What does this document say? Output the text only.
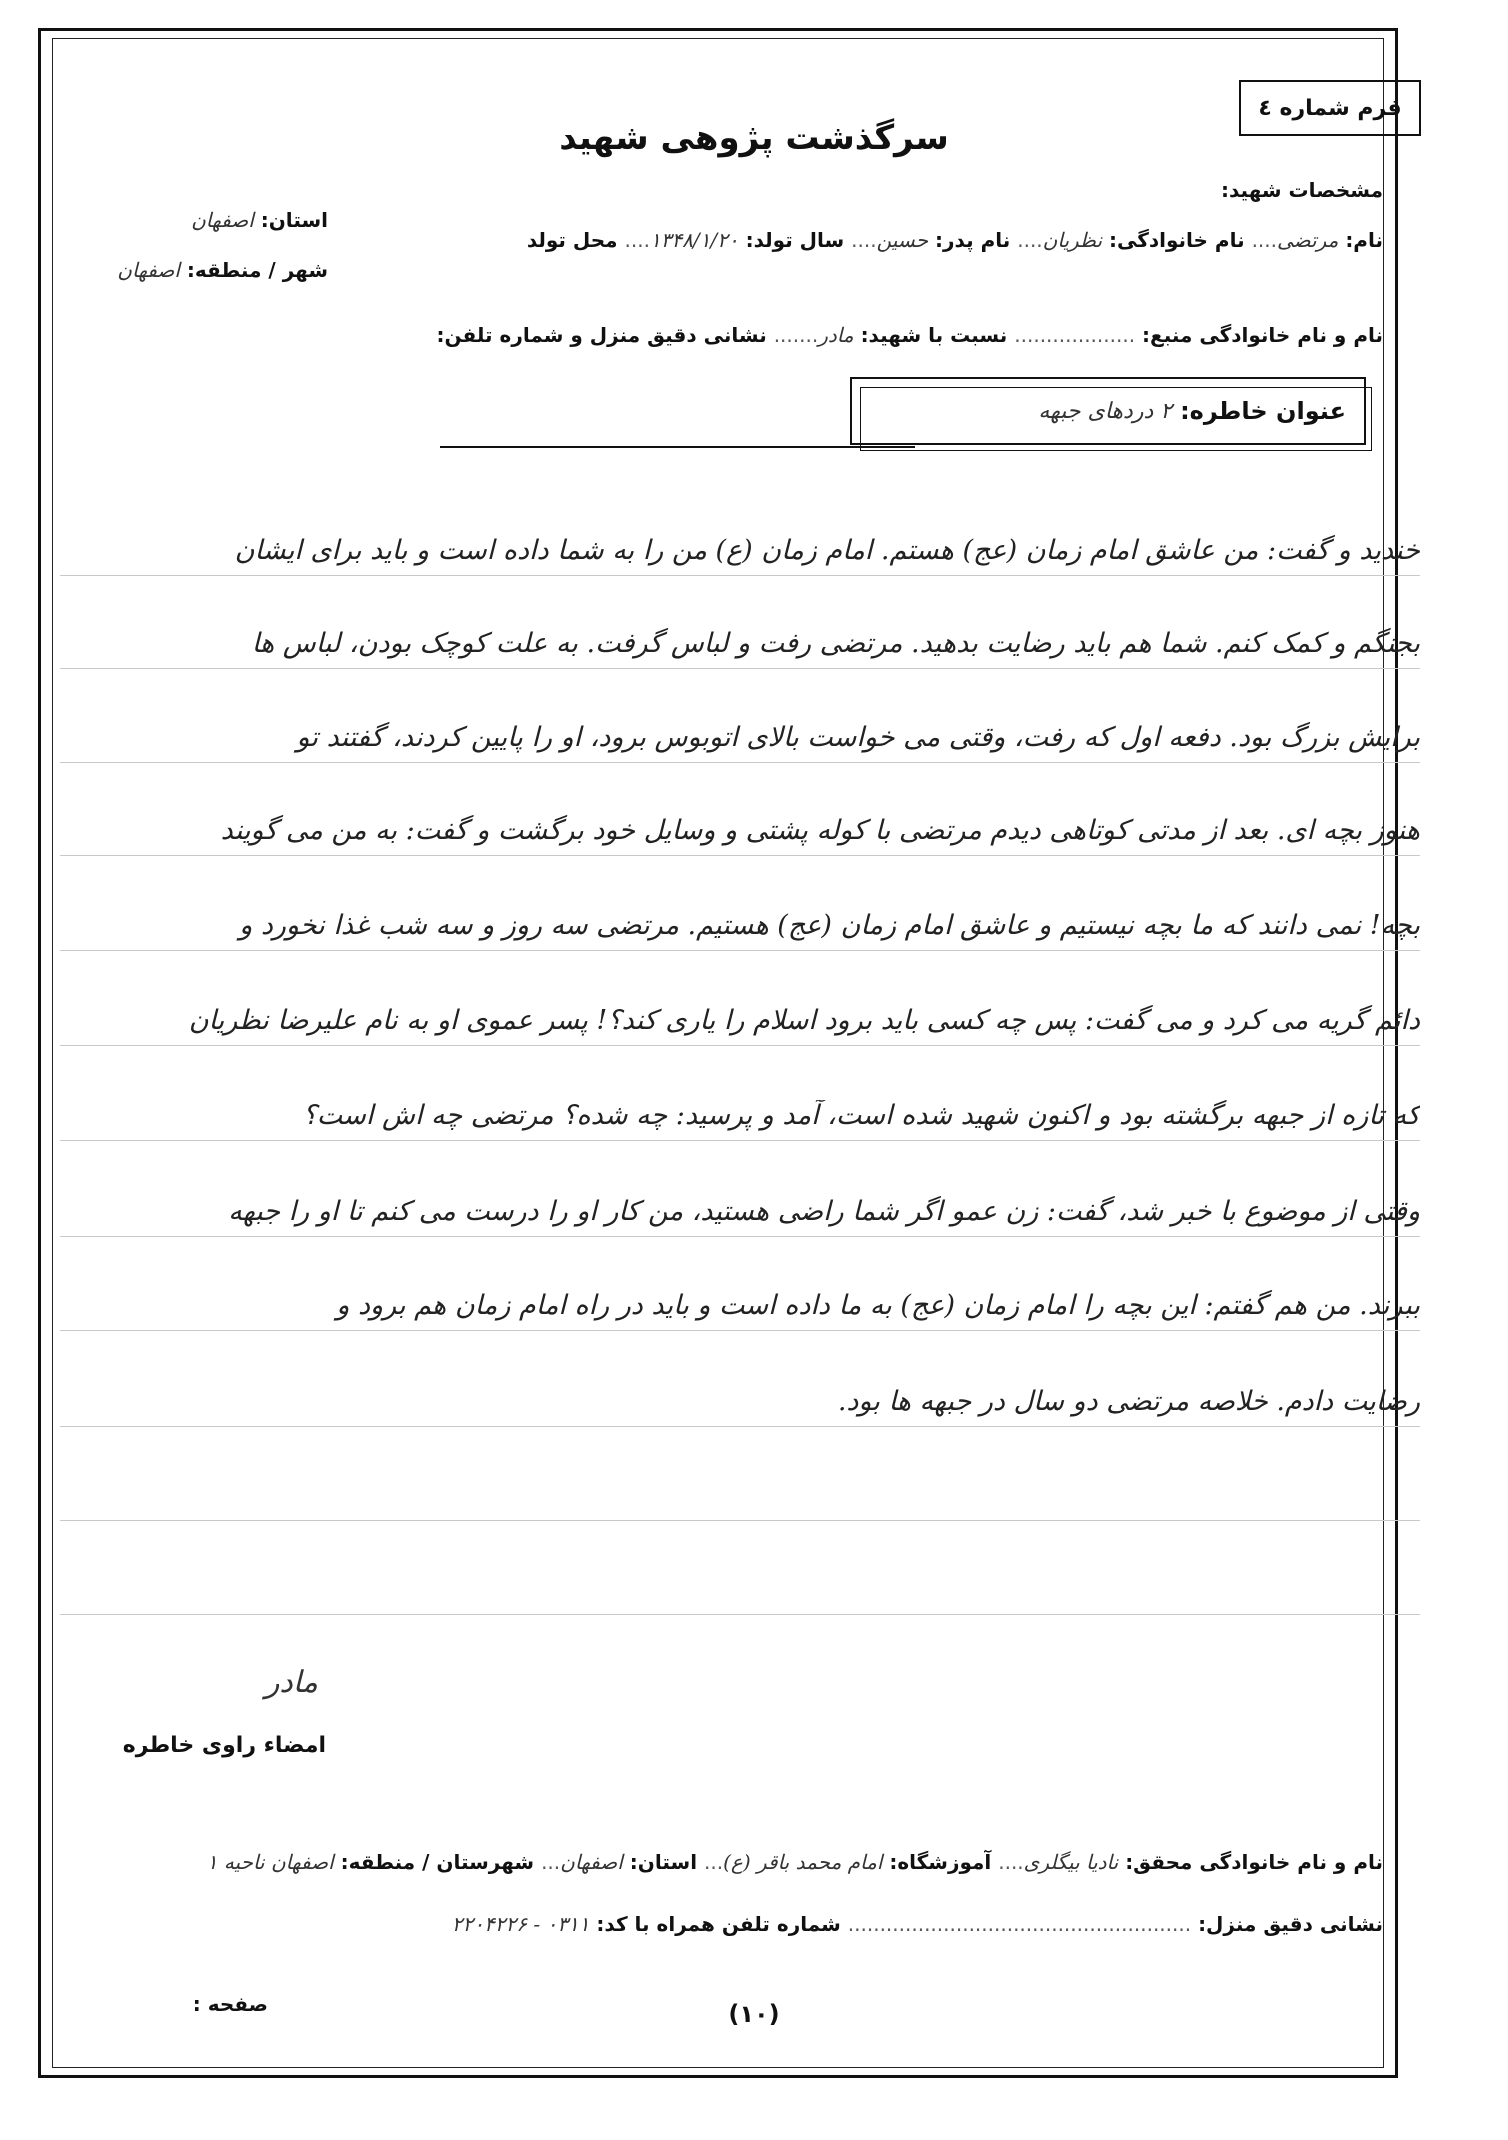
فرم شماره ٤
سرگذشت پژوهی شهید
مشخصات شهید:
نام: مرتضی.... نام خانوادگی: نظریان.... نام پدر: حسین.... سال تولد: ۱۳۴۸/۱/۲۰.... محل تولد
استان: اصفهان
شهر / منطقه: اصفهان
نام و نام خانوادگی منبع: ................... نسبت با شهید: مادر....... نشانی دقیق منزل و شماره تلفن:
عنوان خاطره:
۲ دردهای جبهه
خندید و گفت: من عاشق امام زمان (عج) هستم. امام زمان (ع) من را به شما داده است و باید برای ایشان
بجنگم و کمک کنم. شما هم باید رضایت بدهید. مرتضی رفت و لباس گرفت. به علت کوچک بودن، لباس ها
برایش بزرگ بود. دفعه اول که رفت، وقتی می خواست بالای اتوبوس برود، او را پایین کردند، گفتند تو
هنوز بچه ای. بعد از مدتی کوتاهی دیدم مرتضی با کوله پشتی و وسایل خود برگشت و گفت: به من می گویند
بچه! نمی دانند که ما بچه نیستیم و عاشق امام زمان (عج) هستیم. مرتضی سه روز و سه شب غذا نخورد و
دائم گریه می کرد و می گفت: پس چه کسی باید برود اسلام را یاری کند؟! پسر عموی او به نام علیرضا نظریان
که تازه از جبهه برگشته بود و اکنون شهید شده است، آمد و پرسید: چه شده؟ مرتضی چه اش است؟
وقتی از موضوع با خبر شد، گفت: زن عمو اگر شما راضی هستید، من کار او را درست می کنم تا او را جبهه
ببرند. من هم گفتم: این بچه را امام زمان (عج) به ما داده است و باید در راه امام زمان هم برود و
رضایت دادم. خلاصه مرتضی دو سال در جبهه ها بود.
مادر
امضاء راوی خاطره
نام و نام خانوادگی محقق: نادیا بیگلری.... آموزشگاه: امام محمد باقر (ع)... استان: اصفهان... شهرستان / منطقه: اصفهان ناحیه ۱
نشانی دقیق منزل: ...................................................... شماره تلفن همراه با کد: ۰۳۱۱ - ۲۲۰۴۲۲۶
صفحه :	(۱۰)
